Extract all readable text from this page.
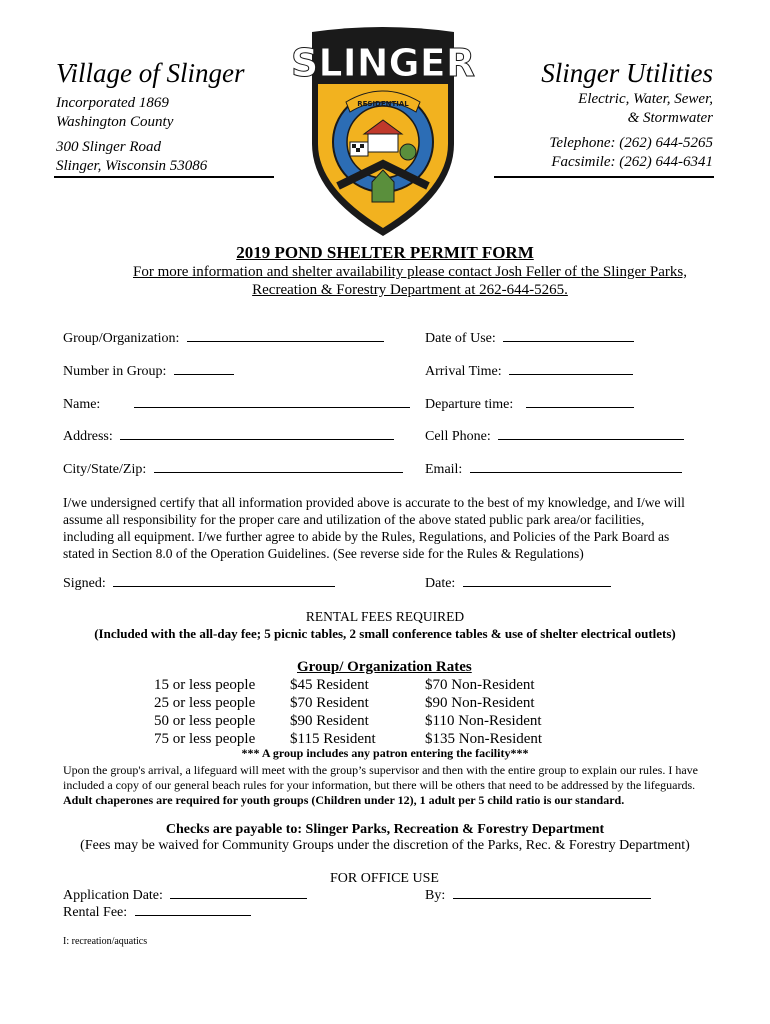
Village of Slinger
Incorporated 1869
Washington County
300 Slinger Road
Slinger, Wisconsin 53086
Slinger Utilities
Electric, Water, Sewer,
& Stormwater
Telephone: (262) 644-5265
Facsimile: (262) 644-6341
SLINGER
RESIDENTIAL
2019 POND SHELTER PERMIT FORM
For more information and shelter availability please contact Josh Feller of the Slinger Parks,
Recreation & Forestry Department at 262-644-5265.
Group/Organization:	Date of Use:
Number in Group:	Arrival Time:
Name:	Departure time:
Address:	Cell Phone:
City/State/Zip:	Email:
I/we undersigned certify that all information provided above is accurate to the best of my knowledge, and I/we will
assume all responsibility for the proper care and utilization of the above stated public park area/or facilities,
including all equipment. I/we further agree to abide by the Rules, Regulations, and Policies of the Park Board as
stated in Section 8.0 of the Operation Guidelines. (See reverse side for the Rules & Regulations)
Signed:	Date:
RENTAL FEES REQUIRED
(Included with the all-day fee; 5 picnic tables, 2 small conference tables & use of shelter electrical outlets)
Group/ Organization Rates
15 or less people $45 Resident	$70 Non-Resident
25 or less people $70 Resident	$90 Non-Resident
50 or less people $90 Resident	$110 Non-Resident
75 or less people $115 Resident	$135 Non-Resident
*** A group includes any patron entering the facility***
Upon the group's arrival, a lifeguard will meet with the group’s supervisor and then with the entire group to explain our rules. I have included a copy of our general beach rules for your information, but there will be others that need to be addressed by the lifeguards. Adult chaperones are required for youth groups (Children under 12), 1 adult per 5 child ratio is our standard.
Checks are payable to: Slinger Parks, Recreation & Forestry Department
(Fees may be waived for Community Groups under the discretion of the Parks, Rec. & Forestry Department)
FOR OFFICE USE
Application Date:	By:
Rental Fee:
I: recreation/aquatics
